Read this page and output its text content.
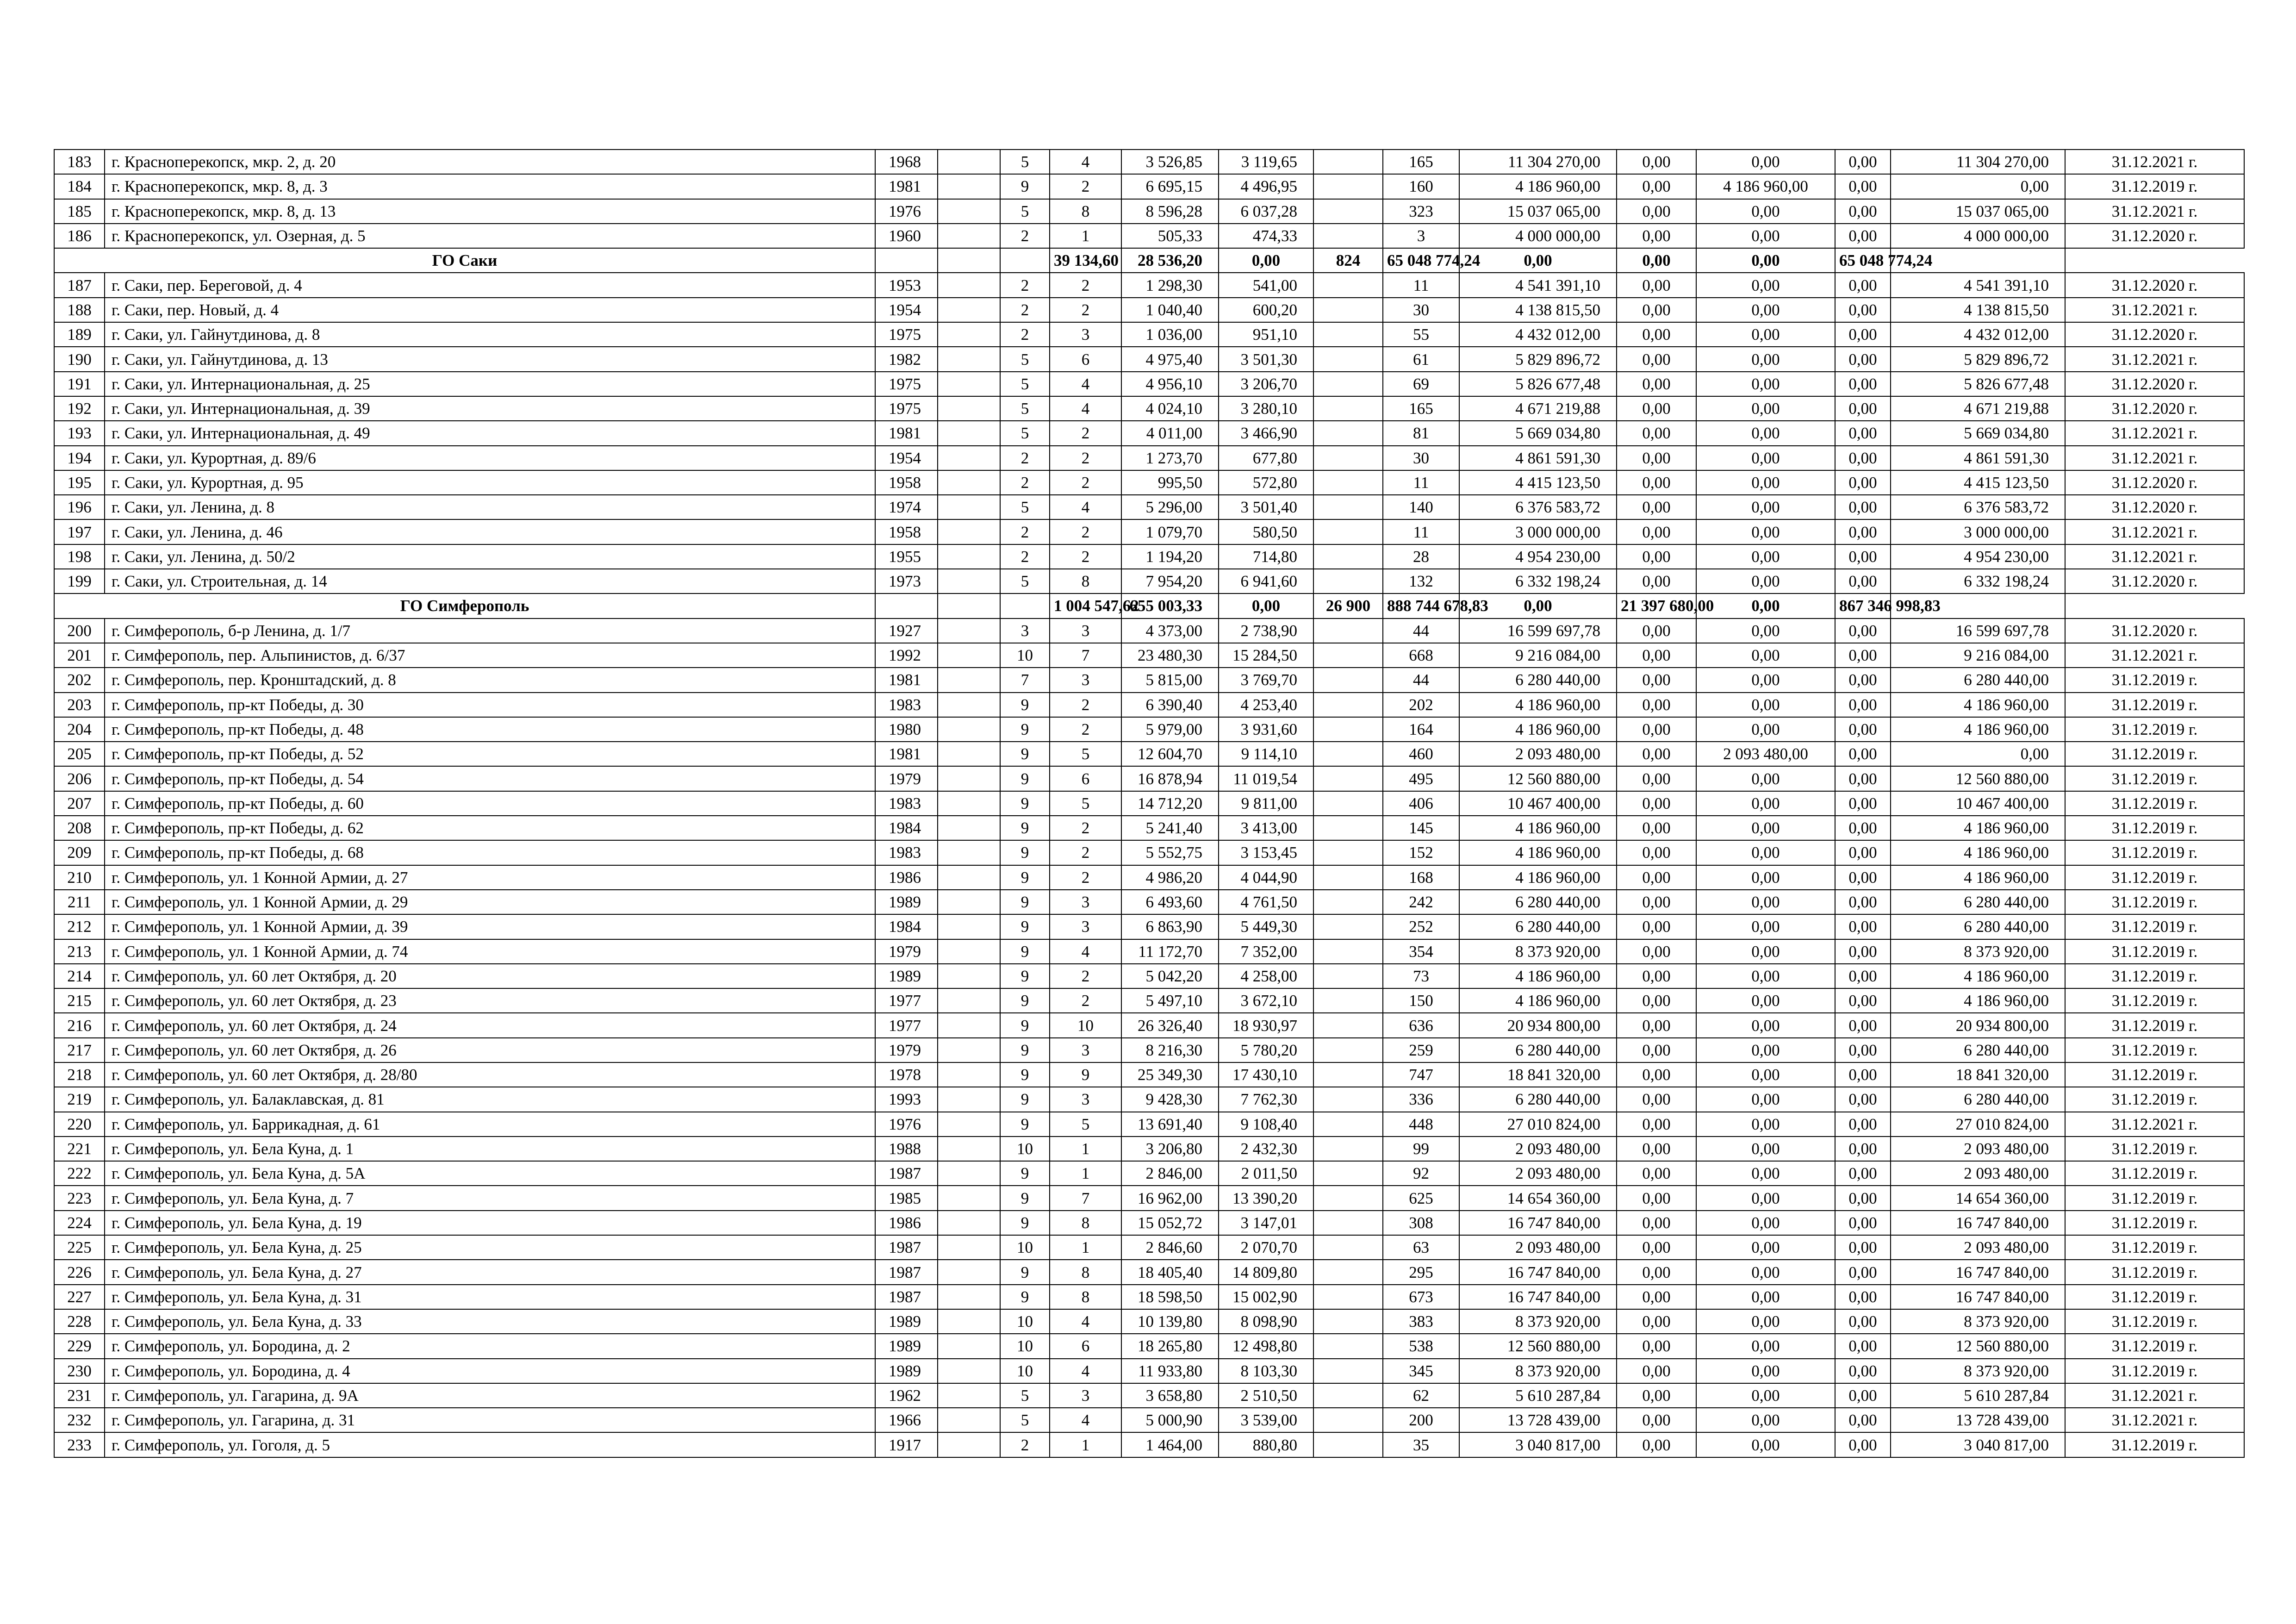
183	г. Красноперекопск, мкр. 2, д. 20	1968		5	4	3 526,85	3 119,65		165	11 304 270,00	0,00	0,00	0,00	11 304 270,00	31.12.2021 г.
184	г. Красноперекопск, мкр. 8, д. 3	1981		9	2	6 695,15	4 496,95		160	4 186 960,00	0,00	4 186 960,00	0,00	0,00	31.12.2019 г.
185	г. Красноперекопск, мкр. 8, д. 13	1976		5	8	8 596,28	6 037,28		323	15 037 065,00	0,00	0,00	0,00	15 037 065,00	31.12.2021 г.
186	г. Красноперекопск, ул. Озерная, д. 5	1960		2	1	505,33	474,33		3	4 000 000,00	0,00	0,00	0,00	4 000 000,00	31.12.2020 г.
ГО Саки					39 134,60	28 536,20	0,00	824	65 048 774,24	0,00	0,00	0,00	65 048 774,24		
187	г. Саки, пер. Береговой, д. 4	1953		2	2	1 298,30	541,00		11	4 541 391,10	0,00	0,00	0,00	4 541 391,10	31.12.2020 г.
188	г. Саки, пер. Новый, д. 4	1954		2	2	1 040,40	600,20		30	4 138 815,50	0,00	0,00	0,00	4 138 815,50	31.12.2021 г.
189	г. Саки, ул. Гайнутдинова, д. 8	1975		2	3	1 036,00	951,10		55	4 432 012,00	0,00	0,00	0,00	4 432 012,00	31.12.2020 г.
190	г. Саки, ул. Гайнутдинова, д. 13	1982		5	6	4 975,40	3 501,30		61	5 829 896,72	0,00	0,00	0,00	5 829 896,72	31.12.2021 г.
191	г. Саки, ул. Интернациональная, д. 25	1975		5	4	4 956,10	3 206,70		69	5 826 677,48	0,00	0,00	0,00	5 826 677,48	31.12.2020 г.
192	г. Саки, ул. Интернациональная, д. 39	1975		5	4	4 024,10	3 280,10		165	4 671 219,88	0,00	0,00	0,00	4 671 219,88	31.12.2020 г.
193	г. Саки, ул. Интернациональная, д. 49	1981		5	2	4 011,00	3 466,90		81	5 669 034,80	0,00	0,00	0,00	5 669 034,80	31.12.2021 г.
194	г. Саки, ул. Курортная, д. 89/6	1954		2	2	1 273,70	677,80		30	4 861 591,30	0,00	0,00	0,00	4 861 591,30	31.12.2021 г.
195	г. Саки, ул. Курортная, д. 95	1958		2	2	995,50	572,80		11	4 415 123,50	0,00	0,00	0,00	4 415 123,50	31.12.2020 г.
196	г. Саки, ул. Ленина, д. 8	1974		5	4	5 296,00	3 501,40		140	6 376 583,72	0,00	0,00	0,00	6 376 583,72	31.12.2020 г.
197	г. Саки, ул. Ленина, д. 46	1958		2	2	1 079,70	580,50		11	3 000 000,00	0,00	0,00	0,00	3 000 000,00	31.12.2021 г.
198	г. Саки, ул. Ленина, д. 50/2	1955		2	2	1 194,20	714,80		28	4 954 230,00	0,00	0,00	0,00	4 954 230,00	31.12.2021 г.
199	г. Саки, ул. Строительная, д. 14	1973		5	8	7 954,20	6 941,60		132	6 332 198,24	0,00	0,00	0,00	6 332 198,24	31.12.2020 г.
ГО Симферополь					1 004 547,62	655 003,33	0,00	26 900	888 744 678,83	0,00	21 397 680,00	0,00	867 346 998,83		
200	г. Симферополь, б-р Ленина, д. 1/7	1927		3	3	4 373,00	2 738,90		44	16 599 697,78	0,00	0,00	0,00	16 599 697,78	31.12.2020 г.
201	г. Симферополь, пер. Альпинистов, д. 6/37	1992		10	7	23 480,30	15 284,50		668	9 216 084,00	0,00	0,00	0,00	9 216 084,00	31.12.2021 г.
202	г. Симферополь, пер. Кронштадский, д. 8	1981		7	3	5 815,00	3 769,70		44	6 280 440,00	0,00	0,00	0,00	6 280 440,00	31.12.2019 г.
203	г. Симферополь, пр-кт Победы, д. 30	1983		9	2	6 390,40	4 253,40		202	4 186 960,00	0,00	0,00	0,00	4 186 960,00	31.12.2019 г.
204	г. Симферополь, пр-кт Победы, д. 48	1980		9	2	5 979,00	3 931,60		164	4 186 960,00	0,00	0,00	0,00	4 186 960,00	31.12.2019 г.
205	г. Симферополь, пр-кт Победы, д. 52	1981		9	5	12 604,70	9 114,10		460	2 093 480,00	0,00	2 093 480,00	0,00	0,00	31.12.2019 г.
206	г. Симферополь, пр-кт Победы, д. 54	1979		9	6	16 878,94	11 019,54		495	12 560 880,00	0,00	0,00	0,00	12 560 880,00	31.12.2019 г.
207	г. Симферополь, пр-кт Победы, д. 60	1983		9	5	14 712,20	9 811,00		406	10 467 400,00	0,00	0,00	0,00	10 467 400,00	31.12.2019 г.
208	г. Симферополь, пр-кт Победы, д. 62	1984		9	2	5 241,40	3 413,00		145	4 186 960,00	0,00	0,00	0,00	4 186 960,00	31.12.2019 г.
209	г. Симферополь, пр-кт Победы, д. 68	1983		9	2	5 552,75	3 153,45		152	4 186 960,00	0,00	0,00	0,00	4 186 960,00	31.12.2019 г.
210	г. Симферополь, ул. 1 Конной Армии, д. 27	1986		9	2	4 986,20	4 044,90		168	4 186 960,00	0,00	0,00	0,00	4 186 960,00	31.12.2019 г.
211	г. Симферополь, ул. 1 Конной Армии, д. 29	1989		9	3	6 493,60	4 761,50		242	6 280 440,00	0,00	0,00	0,00	6 280 440,00	31.12.2019 г.
212	г. Симферополь, ул. 1 Конной Армии, д. 39	1984		9	3	6 863,90	5 449,30		252	6 280 440,00	0,00	0,00	0,00	6 280 440,00	31.12.2019 г.
213	г. Симферополь, ул. 1 Конной Армии, д. 74	1979		9	4	11 172,70	7 352,00		354	8 373 920,00	0,00	0,00	0,00	8 373 920,00	31.12.2019 г.
214	г. Симферополь, ул. 60 лет Октября, д. 20	1989		9	2	5 042,20	4 258,00		73	4 186 960,00	0,00	0,00	0,00	4 186 960,00	31.12.2019 г.
215	г. Симферополь, ул. 60 лет Октября, д. 23	1977		9	2	5 497,10	3 672,10		150	4 186 960,00	0,00	0,00	0,00	4 186 960,00	31.12.2019 г.
216	г. Симферополь, ул. 60 лет Октября, д. 24	1977		9	10	26 326,40	18 930,97		636	20 934 800,00	0,00	0,00	0,00	20 934 800,00	31.12.2019 г.
217	г. Симферополь, ул. 60 лет Октября, д. 26	1979		9	3	8 216,30	5 780,20		259	6 280 440,00	0,00	0,00	0,00	6 280 440,00	31.12.2019 г.
218	г. Симферополь, ул. 60 лет Октября, д. 28/80	1978		9	9	25 349,30	17 430,10		747	18 841 320,00	0,00	0,00	0,00	18 841 320,00	31.12.2019 г.
219	г. Симферополь, ул. Балаклавская, д. 81	1993		9	3	9 428,30	7 762,30		336	6 280 440,00	0,00	0,00	0,00	6 280 440,00	31.12.2019 г.
220	г. Симферополь, ул. Баррикадная, д. 61	1976		9	5	13 691,40	9 108,40		448	27 010 824,00	0,00	0,00	0,00	27 010 824,00	31.12.2021 г.
221	г. Симферополь, ул. Бела Куна, д. 1	1988		10	1	3 206,80	2 432,30		99	2 093 480,00	0,00	0,00	0,00	2 093 480,00	31.12.2019 г.
222	г. Симферополь, ул. Бела Куна, д. 5А	1987		9	1	2 846,00	2 011,50		92	2 093 480,00	0,00	0,00	0,00	2 093 480,00	31.12.2019 г.
223	г. Симферополь, ул. Бела Куна, д. 7	1985		9	7	16 962,00	13 390,20		625	14 654 360,00	0,00	0,00	0,00	14 654 360,00	31.12.2019 г.
224	г. Симферополь, ул. Бела Куна, д. 19	1986		9	8	15 052,72	3 147,01		308	16 747 840,00	0,00	0,00	0,00	16 747 840,00	31.12.2019 г.
225	г. Симферополь, ул. Бела Куна, д. 25	1987		10	1	2 846,60	2 070,70		63	2 093 480,00	0,00	0,00	0,00	2 093 480,00	31.12.2019 г.
226	г. Симферополь, ул. Бела Куна, д. 27	1987		9	8	18 405,40	14 809,80		295	16 747 840,00	0,00	0,00	0,00	16 747 840,00	31.12.2019 г.
227	г. Симферополь, ул. Бела Куна, д. 31	1987		9	8	18 598,50	15 002,90		673	16 747 840,00	0,00	0,00	0,00	16 747 840,00	31.12.2019 г.
228	г. Симферополь, ул. Бела Куна, д. 33	1989		10	4	10 139,80	8 098,90		383	8 373 920,00	0,00	0,00	0,00	8 373 920,00	31.12.2019 г.
229	г. Симферополь, ул. Бородина, д. 2	1989		10	6	18 265,80	12 498,80		538	12 560 880,00	0,00	0,00	0,00	12 560 880,00	31.12.2019 г.
230	г. Симферополь, ул. Бородина, д. 4	1989		10	4	11 933,80	8 103,30		345	8 373 920,00	0,00	0,00	0,00	8 373 920,00	31.12.2019 г.
231	г. Симферополь, ул. Гагарина, д. 9А	1962		5	3	3 658,80	2 510,50		62	5 610 287,84	0,00	0,00	0,00	5 610 287,84	31.12.2021 г.
232	г. Симферополь, ул. Гагарина, д. 31	1966		5	4	5 000,90	3 539,00		200	13 728 439,00	0,00	0,00	0,00	13 728 439,00	31.12.2021 г.
233	г. Симферополь, ул. Гоголя, д. 5	1917		2	1	1 464,00	880,80		35	3 040 817,00	0,00	0,00	0,00	3 040 817,00	31.12.2019 г.
